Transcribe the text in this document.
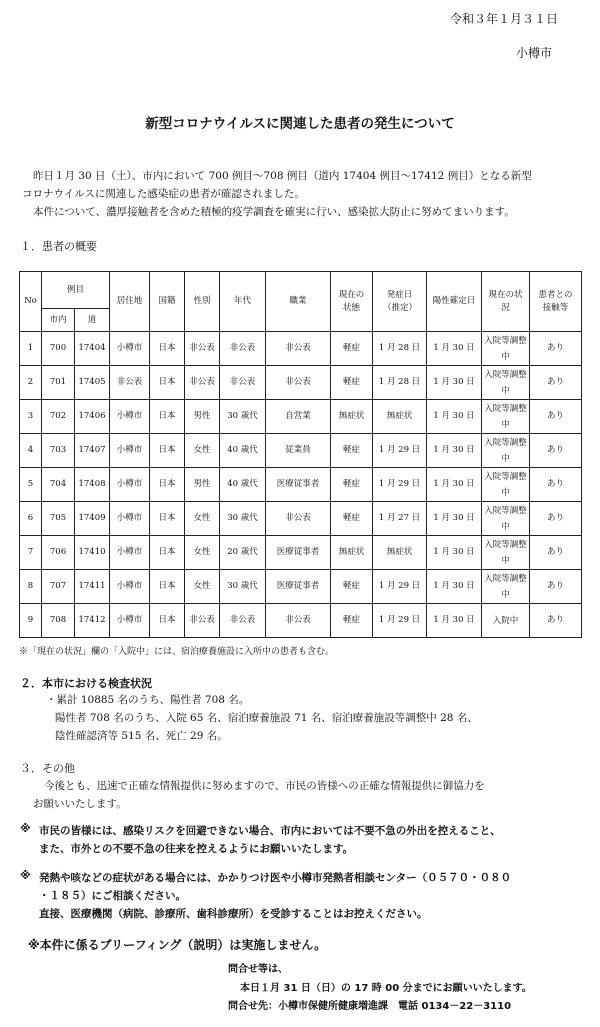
令和３年１月３１日
小樽市
新型コロナウイルスに関連した患者の発生について
昨日１月 30 日（土）、市内において 700 例目～708 例目（道内 17404 例目～17412 例目）となる新型
コロナウイルスに関連した感染症の患者が確認されました。
本件について、濃厚接触者を含めた積極的疫学調査を確実に行い、感染拡大防止に努めてまいります。
１．患者の概要
No	例目		居住地	国籍	性別	年代	職業	現在の状態	発症日（推定）	陽性確定日	現在の状況	患者との接触等
	市内	道										
1	700	17404	小樽市	日本	非公表	非公表	非公表	軽症	1 月 28 日	1 月 30 日	入院等調整中	あり
2	701	17405	非公表	日本	非公表	非公表	非公表	軽症	1 月 28 日	1 月 30 日	入院等調整中	あり
3	702	17406	小樽市	日本	男性	30 歳代	自営業	無症状	無症状	1 月 30 日	入院等調整中	あり
4	703	17407	小樽市	日本	女性	40 歳代	従業員	軽症	1 月 29 日	1 月 30 日	入院等調整中	あり
5	704	17408	小樽市	日本	男性	40 歳代	医療従事者	軽症	1 月 29 日	1 月 30 日	入院等調整中	あり
6	705	17409	小樽市	日本	女性	30 歳代	非公表	軽症	1 月 27 日	1 月 30 日	入院等調整中	あり
7	706	17410	小樽市	日本	女性	20 歳代	医療従事者	無症状	無症状	1 月 30 日	入院等調整中	あり
8	707	17411	小樽市	日本	女性	30 歳代	医療従事者	軽症	1 月 29 日	1 月 30 日	入院等調整中	あり
9	708	17412	小樽市	日本	非公表	非公表	非公表	軽症	1 月 29 日	1 月 30 日	入院中	あり
※「現在の状況」欄の「入院中」には、宿泊療養施設に入所中の患者も含む。
２．本市における検査状況
・累計 10885 名のうち、陽性者 708 名。
陽性者 708 名のうち、入院 65 名、宿泊療養施設 71 名、宿泊療養施設等調整中 28 名、
陰性確認済等 515 名、死亡 29 名。
３．その他
今後とも、迅速で正確な情報提供に努めますので、市民の皆様への正確な情報提供に御協力を
お願いいたします。
※ 市民の皆様には、感染リスクを回避できない場合、市内においては不要不急の外出を控えること、
また、市外との不要不急の往来を控えるようにお願いいたします。
※ 発熱や咳などの症状がある場合には、かかりつけ医や小樽市発熱者相談センター（０５７０・０８０
・１８５）にご相談ください。
直接、医療機関（病院、診療所、歯科診療所）を受診することはお控えください。
※本件に係るブリーフィング（説明）は実施しません。
問合せ等は、
本日１月 31 日（日）の 17 時 00 分までにお願いいたします。
問合せ先：小樽市保健所健康増進課　電話 0134－22－3110
